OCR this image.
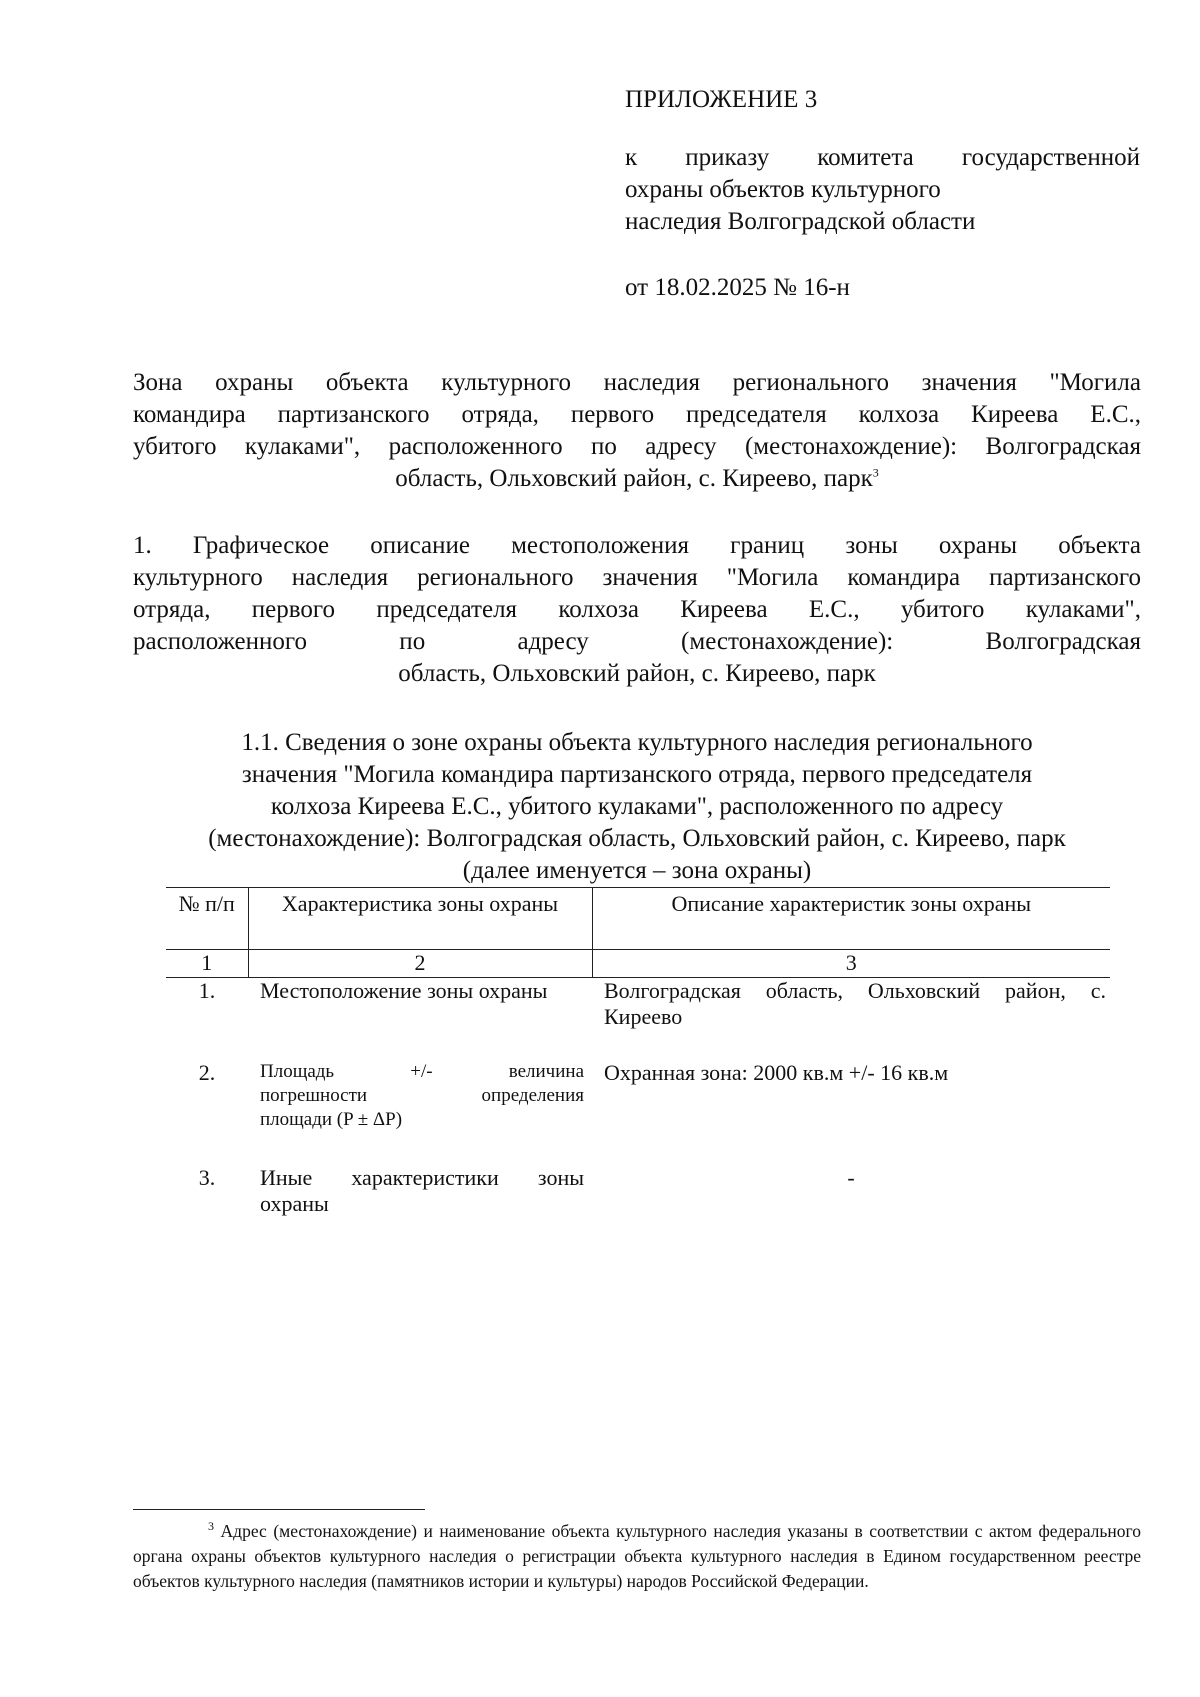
ПРИЛОЖЕНИЕ 3
к приказу комитета государственной
охраны объектов культурного
наследия Волгоградской области
от 18.02.2025 № 16-н
Зона охраны объекта культурного наследия регионального значения "Могила
командира партизанского отряда, первого председателя колхоза Киреева Е.С.,
убитого кулаками", расположенного по адресу (местонахождение): Волгоградская
область, Ольховский район, с. Киреево, парк$^3$
1. Графическое описание местоположения границ зоны охраны объекта
культурного наследия регионального значения "Могила командира партизанского
отряда, первого председателя колхоза Киреева Е.С., убитого кулаками",
расположенного по адресу (местонахождение): Волгоградская
область, Ольховский район, с. Киреево, парк
1.1. Сведения о зоне охраны объекта культурного наследия регионального
значения "Могила командира партизанского отряда, первого председателя
колхоза Киреева Е.С., убитого кулаками", расположенного по адресу
(местонахождение): Волгоградская область, Ольховский район, с. Киреево, парк
(далее именуется – зона охраны)
№ п/п	Характеристика зоны охраны	Описание характеристик зоны охраны
1	2	3
1.	Местоположение зоны охраны	Волгоградская область, Ольховский район, с. Киреево
2.	Площадь +/- величина
погрешности определения
площади (P ± ΔP)	Охранная зона: 2000 кв.м +/- 16 кв.м
3.	Иные характеристики зоны
охраны	-
$^3$ Адрес (местонахождение) и наименование объекта культурного наследия указаны в соответствии с актом федерального органа охраны объектов культурного наследия о регистрации объекта культурного наследия в Едином государственном реестре объектов культурного наследия (памятников истории и культуры) народов Российской Федерации.
